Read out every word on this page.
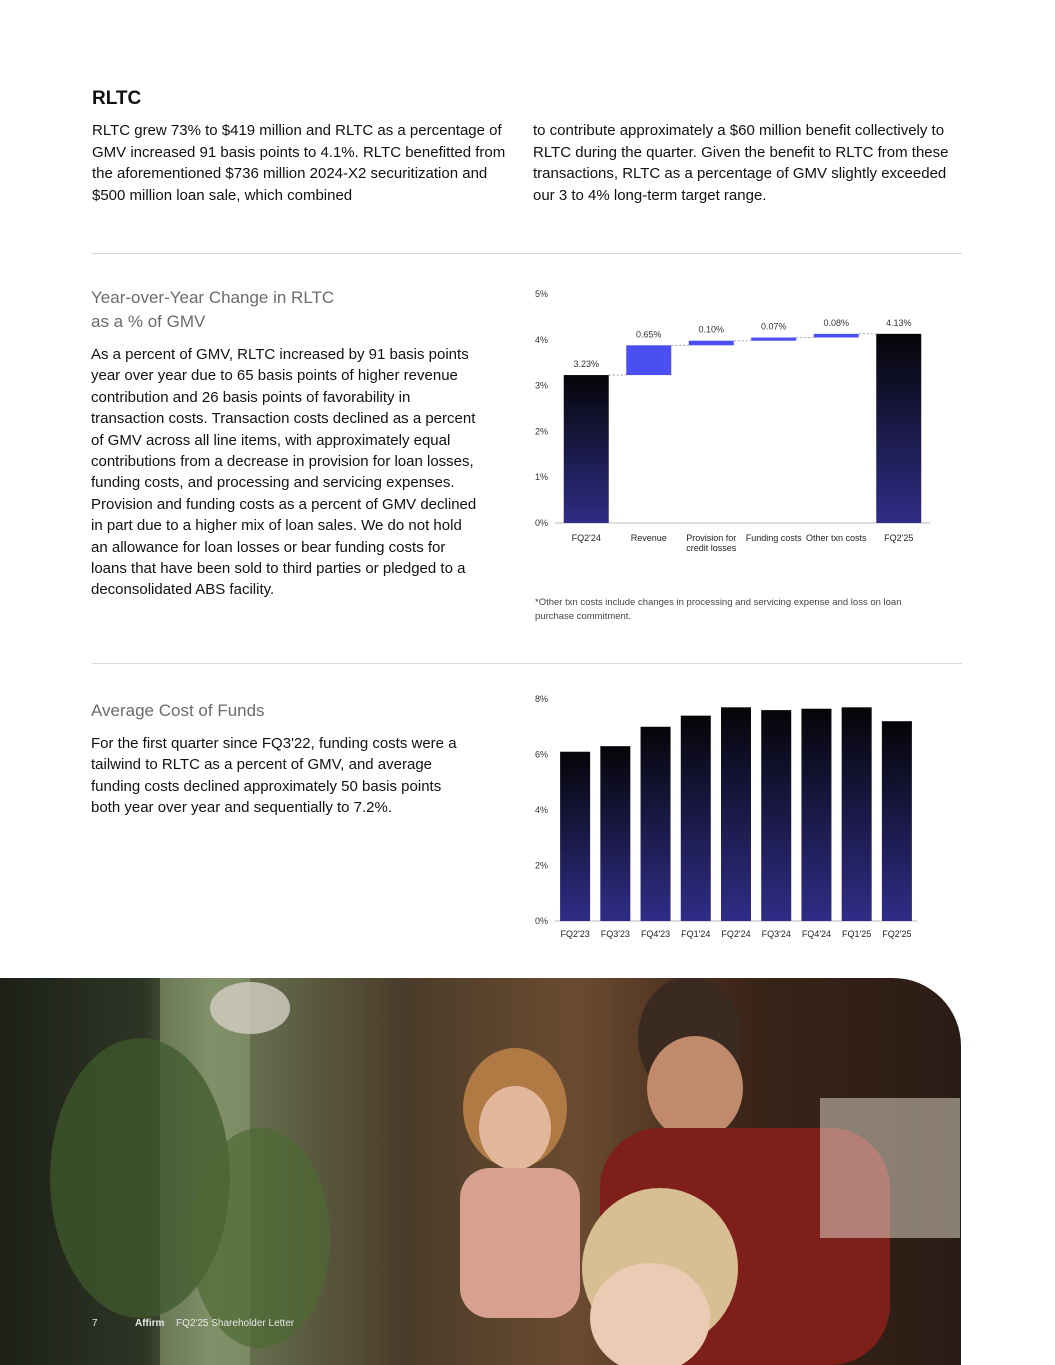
RLTC
RLTC grew 73% to $419 million and RLTC as a percentage of GMV increased 91 basis points to 4.1%. RLTC benefitted from the aforementioned $736 million 2024-X2 securitization and $500 million loan sale, which combined
to contribute approximately a $60 million benefit collectively to RLTC during the quarter. Given the benefit to RLTC from these transactions, RLTC as a percentage of GMV slightly exceeded our 3 to 4% long-term target range.
Year-over-Year Change in RLTC as a % of GMV
As a percent of GMV, RLTC increased by 91 basis points year over year due to 65 basis points of higher revenue contribution and 26 basis points of favorability in transaction costs. Transaction costs declined as a percent of GMV across all line items, with approximately equal contributions from a decrease in provision for loan losses, funding costs, and processing and servicing expenses. Provision and funding costs as a percent of GMV declined in part due to a higher mix of loan sales. We do not hold an allowance for loan losses or bear funding costs for loans that have been sold to third parties or pledged to a deconsolidated ABS facility.
0%
1%
2%
3%
4%
5%
3.23%
FQ2'24
0.65%
Revenue
0.10%
Provision for
credit losses
0.07%
Funding costs
0.08%
Other txn costs
4.13%
FQ2'25
*Other txn costs include changes in processing and servicing expense and loss on loan purchase commitment.
Average Cost of Funds
For the first quarter since FQ3'22, funding costs were a tailwind to RLTC as a percent of GMV, and average funding costs declined approximately 50 basis points both year over year and sequentially to 7.2%.
0%
2%
4%
6%
8%
FQ2'23 FQ3'23 FQ4'23 FQ1'24 FQ2'24 FQ3'24 FQ4'24 FQ1'25 FQ2'25
7	Affirm FQ2'25 Shareholder Letter
